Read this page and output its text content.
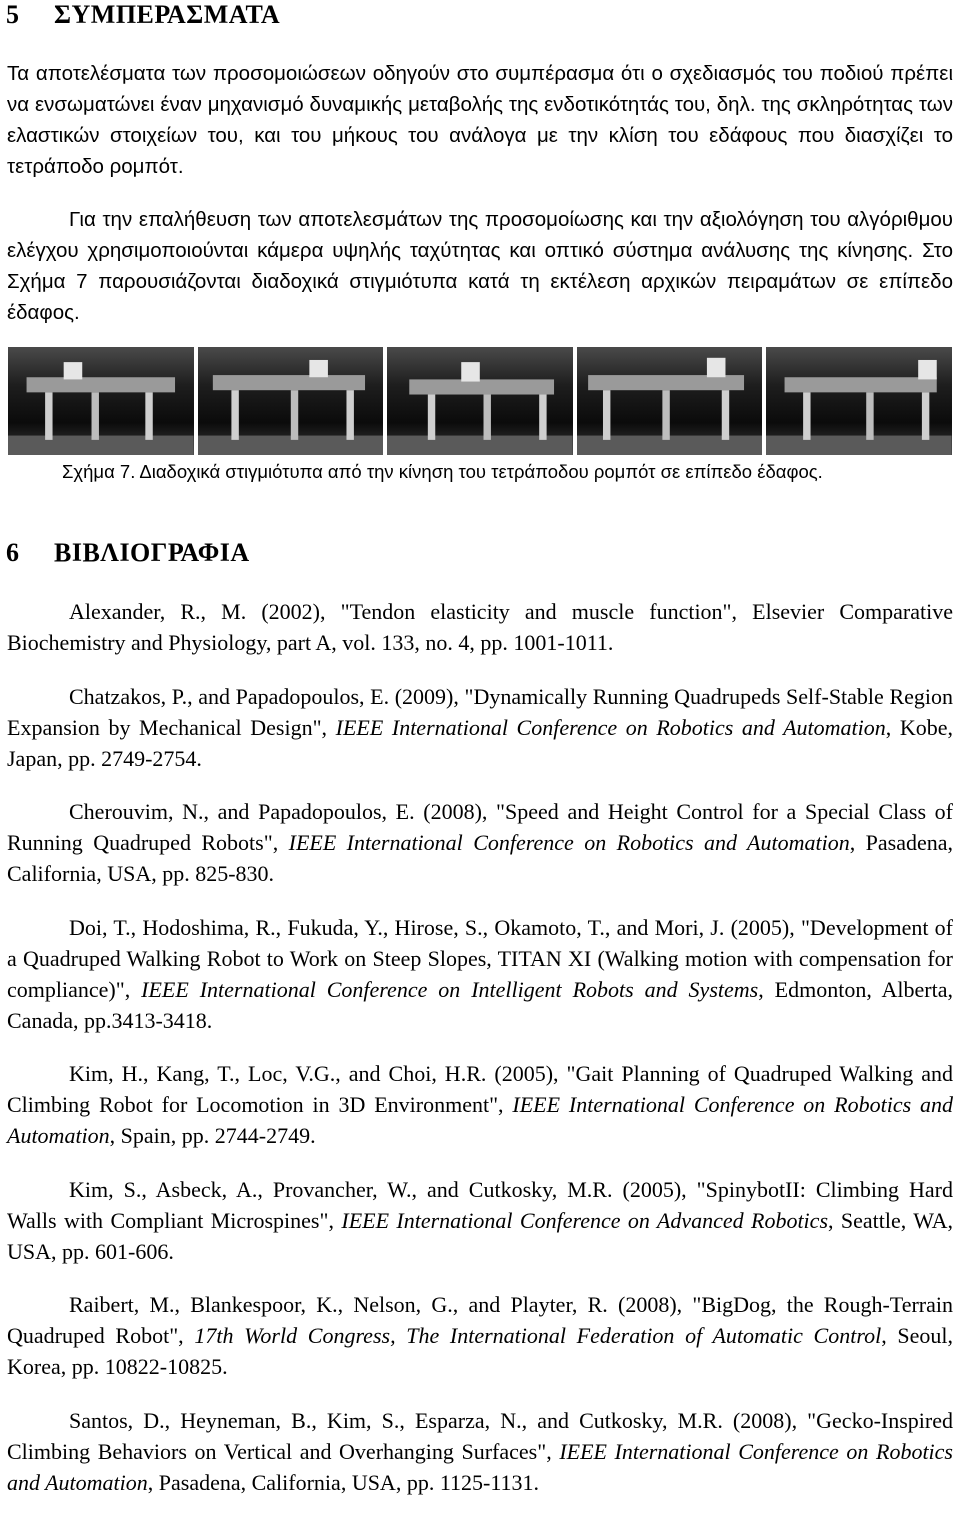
5 ΣΥΜΠΕΡΑΣΜΑΤΑ

Τα αποτελέσματα των προσομοιώσεων οδηγούν στο συμπέρασμα ότι ο σχεδιασμός του ποδιού πρέπει να ενσωματώνει έναν μηχανισμό δυναμικής μεταβολής της ενδοτικότητάς του, δηλ. της σκληρότητας των ελαστικών στοιχείων του, και του μήκους του ανάλογα με την κλίση του εδάφους που διασχίζει το τετράποδο ρομπότ.

Για την επαλήθευση των αποτελεσμάτων της προσομοίωσης και την αξιολόγηση του αλγόριθμου ελέγχου χρησιμοποιούνται κάμερα υψηλής ταχύτητας και οπτικό σύστημα ανάλυσης της κίνησης. Στο Σχήμα 7 παρουσιάζονται διαδοχικά στιγμιότυπα κατά τη εκτέλεση αρχικών πειραμάτων σε επίπεδο έδαφος.

Σχήμα 7. Διαδοχικά στιγμιότυπα από την κίνηση του τετράποδου ρομπότ σε επίπεδο έδαφος.

6 ΒΙΒΛΙΟΓΡΑΦΙΑ
Alexander, R., M. (2002), "Tendon elasticity and muscle function", Elsevier Comparative Biochemistry and Physiology, part A, vol. 133, no. 4, pp. 1001-1011.
Chatzakos, P., and Papadopoulos, E. (2009), "Dynamically Running Quadrupeds Self-Stable Region Expansion by Mechanical Design", IEEE International Conference on Robotics and Automation, Kobe, Japan, pp. 2749-2754.
Cherouvim, N., and Papadopoulos, E. (2008), "Speed and Height Control for a Special Class of Running Quadruped Robots", IEEE International Conference on Robotics and Automation, Pasadena, California, USA, pp. 825-830.
Doi, T., Hodoshima, R., Fukuda, Y., Hirose, S., Okamoto, T., and Mori, J. (2005), "Development of a Quadruped Walking Robot to Work on Steep Slopes, TITAN XI (Walking motion with compensation for compliance)", IEEE International Conference on Intelligent Robots and Systems, Edmonton, Alberta, Canada, pp.3413-3418.
Kim, H., Kang, T., Loc, V.G., and Choi, H.R. (2005), "Gait Planning of Quadruped Walking and Climbing Robot for Locomotion in 3D Environment", IEEE International Conference on Robotics and Automation, Spain, pp. 2744-2749.
Kim, S., Asbeck, A., Provancher, W., and Cutkosky, M.R. (2005), "SpinybotII: Climbing Hard Walls with Compliant Microspines", IEEE International Conference on Advanced Robotics, Seattle, WA, USA, pp. 601-606.
Raibert, M., Blankespoor, K., Nelson, G., and Playter, R. (2008), "BigDog, the Rough-Terrain Quadruped Robot", 17th World Congress, The International Federation of Automatic Control, Seoul, Korea, pp. 10822-10825.
Santos, D., Heyneman, B., Kim, S., Esparza, N., and Cutkosky, M.R. (2008), "Gecko-Inspired Climbing Behaviors on Vertical and Overhanging Surfaces", IEEE International Conference on Robotics and Automation, Pasadena, California, USA, pp. 1125-1131.
